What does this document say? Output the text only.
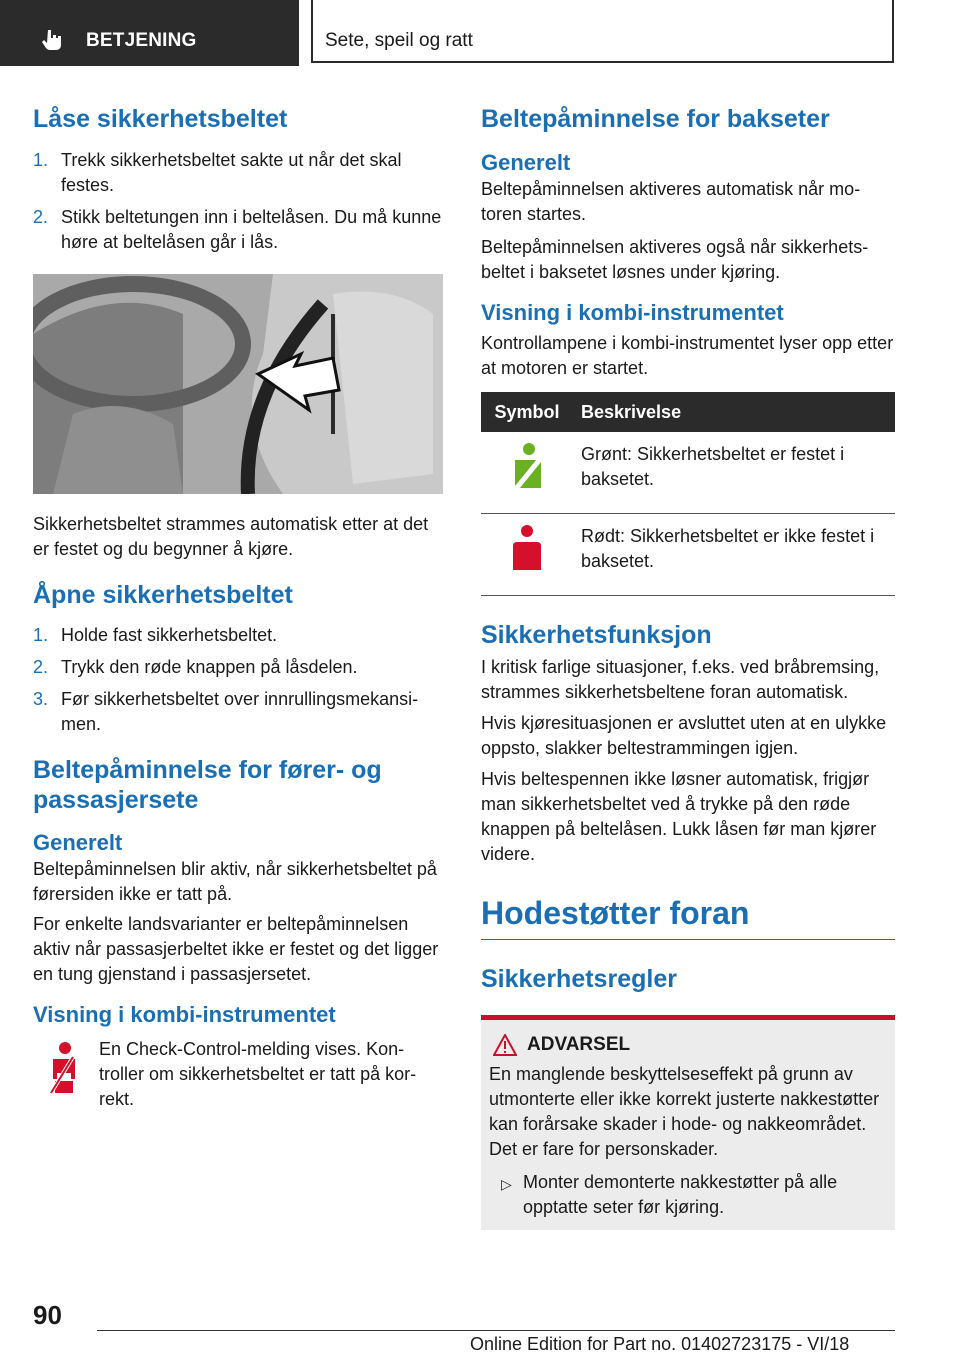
BETJENING	Sete, speil og ratt
Låse sikkerhetsbeltet
1. Trekk sikkerhetsbeltet sakte ut når det skal festes.
2. Stikk beltetungen inn i beltelåsen. Du må kunne høre at beltelåsen går i lås.

Sikkerhetsbeltet strammes automatisk etter at det er festet og du begynner å kjøre.

Åpne sikkerhetsbeltet
1. Holde fast sikkerhetsbeltet.
2. Trykk den røde knappen på låsdelen.
3. Før sikkerhetsbeltet over innrullingsmekansimen.
Beltepåminnelse for fører- og passasjersete
Generelt

Beltepåminnelsen blir aktiv, når sikkerhetsbeltet på førersiden ikke er tatt på.

For enkelte landsvarianter er beltepåminnelsen aktiv når passasjerbeltet ikke er festet og det ligger en tung gjenstand i passasjersetet.

Visning i kombi-instrumentet

En Check-Control-melding vises. Kontroller om sikkerhetsbeltet er tatt på korrekt.

Beltepåminnelse for bakseter
Generelt

Beltepåminnelsen aktiveres automatisk når motoren startes.

Beltepåminnelsen aktiveres også når sikkerhetsbeltet i baksetet løsnes under kjøring.

Visning i kombi-instrumentet

Kontrollampene i kombi-instrumentet lyser opp etter at motoren er startet.

Symbol	Beskrivelse
	Grønt: Sikkerhetsbeltet er festet i baksetet.
	Rødt: Sikkerhetsbeltet er ikke festet i baksetet.
Sikkerhetsfunksjon

I kritisk farlige situasjoner, f.eks. ved bråbremsing, strammes sikkerhetsbeltene foran automatisk.

Hvis kjøresituasjonen er avsluttet uten at en ulykke oppsto, slakker beltestrammingen igjen.

Hvis beltespennen ikke løsner automatisk, frigjør man sikkerhetsbeltet ved å trykke på den røde knappen på beltelåsen. Lukk låsen før man kjører videre.

Hodestøtter foran
Sikkerhetsregler
ADVARSEL

En manglende beskyttelseseffekt på grunn av utmonterte eller ikke korrekt justerte nakkestøtter kan forårsake skader i hode- og nakkeområdet. Det er fare for personskader.

▷ Monter demonterte nakkestøtter på alle opptatte seter før kjøring.
90
Online Edition for Part no. 01402723175 - VI/18
